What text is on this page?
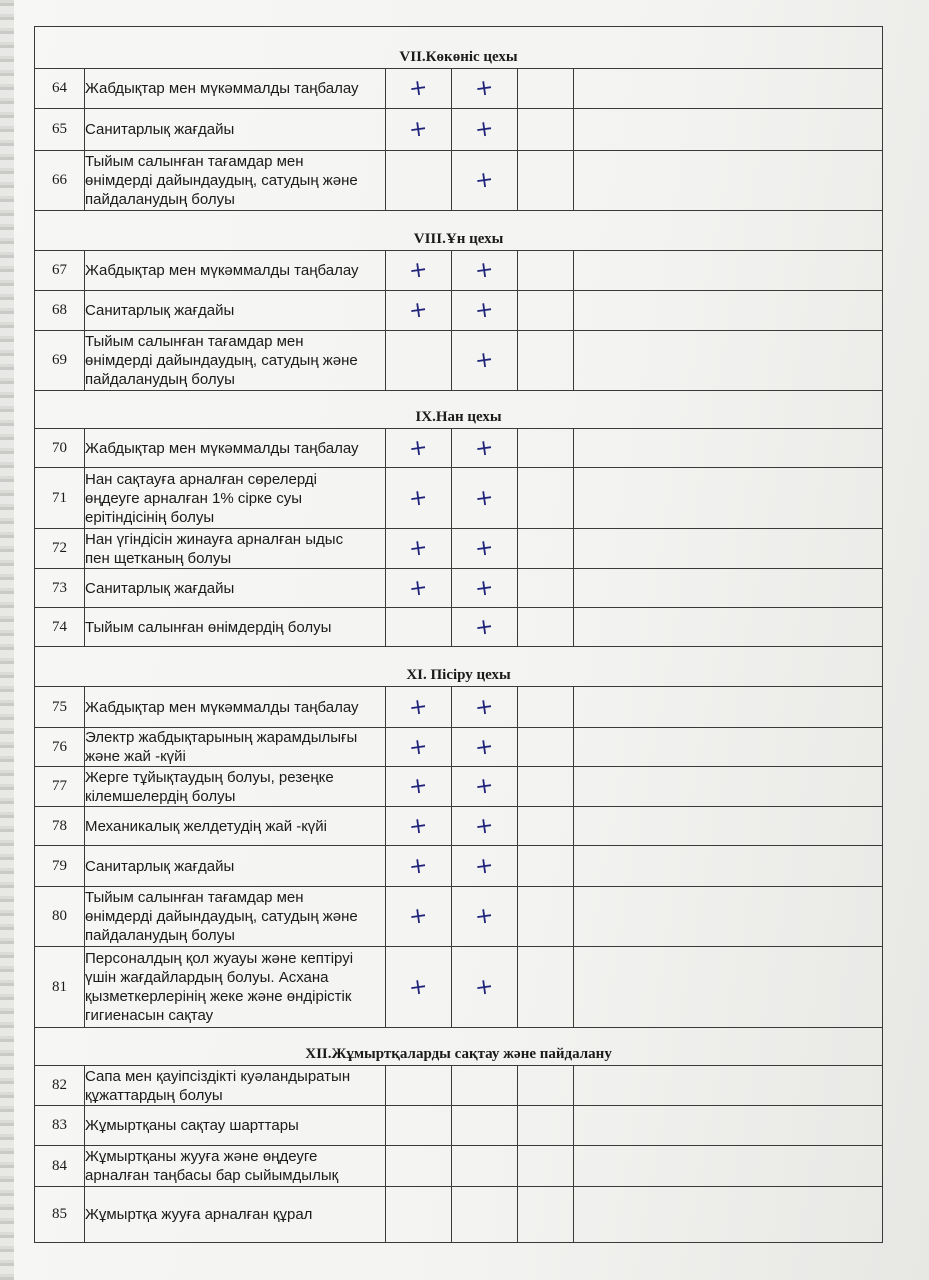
VII.Көкөніс цехы					
64	Жабдықтар мен мүкәммалды таңбалау	+	+		
65	Санитарлық жағдайы	+	+		
66	Тыйым салынған тағамдар мен
өнімдерді дайындаудың, сатудың және
пайдаланудың болуы		+		
VIII.Ұн цехы					
67	Жабдықтар мен мүкәммалды таңбалау	+	+		
68	Санитарлық жағдайы	+	+		
69	Тыйым салынған тағамдар мен
өнімдерді дайындаудың, сатудың және
пайдаланудың болуы		+		
IX.Нан цехы					
70	Жабдықтар мен мүкәммалды таңбалау	+	+		
71	Нан сақтауға арналған сөрелерді
өңдеуге арналған 1% сірке суы
ерітіндісінің болуы	+	+		
72	Нан үгіндісін жинауға арналған ыдыс
пен щетканың болуы	+	+		
73	Санитарлық жағдайы	+	+		
74	Тыйым салынған өнімдердің болуы		+		
XI. Пісіру цехы					
75	Жабдықтар мен мүкәммалды таңбалау	+	+		
76	Электр жабдықтарының жарамдылығы
және жай -күйі	+	+		
77	Жерге тұйықтаудың болуы, резеңке
кілемшелердің болуы	+	+		
78	Механикалық желдетудің жай -күйі	+	+		
79	Санитарлық жағдайы	+	+		
80	Тыйым салынған тағамдар мен
өнімдерді дайындаудың, сатудың және
пайдаланудың болуы	+	+		
81	Персоналдың қол жуауы және кептіруі
үшін жағдайлардың болуы. Асхана
қызметкерлерінің жеке және өндірістік
гигиенасын сақтау	+	+		
XII.Жұмыртқаларды сақтау және пайдалану					
82	Сапа мен қауіпсіздікті куәландыратын
құжаттардың болуы				
83	Жұмыртқаны сақтау шарттары				
84	Жұмыртқаны жууға және өңдеуге
арналған таңбасы бар сыйымдылық				
85	Жұмыртқа жууға арналған құрал				
